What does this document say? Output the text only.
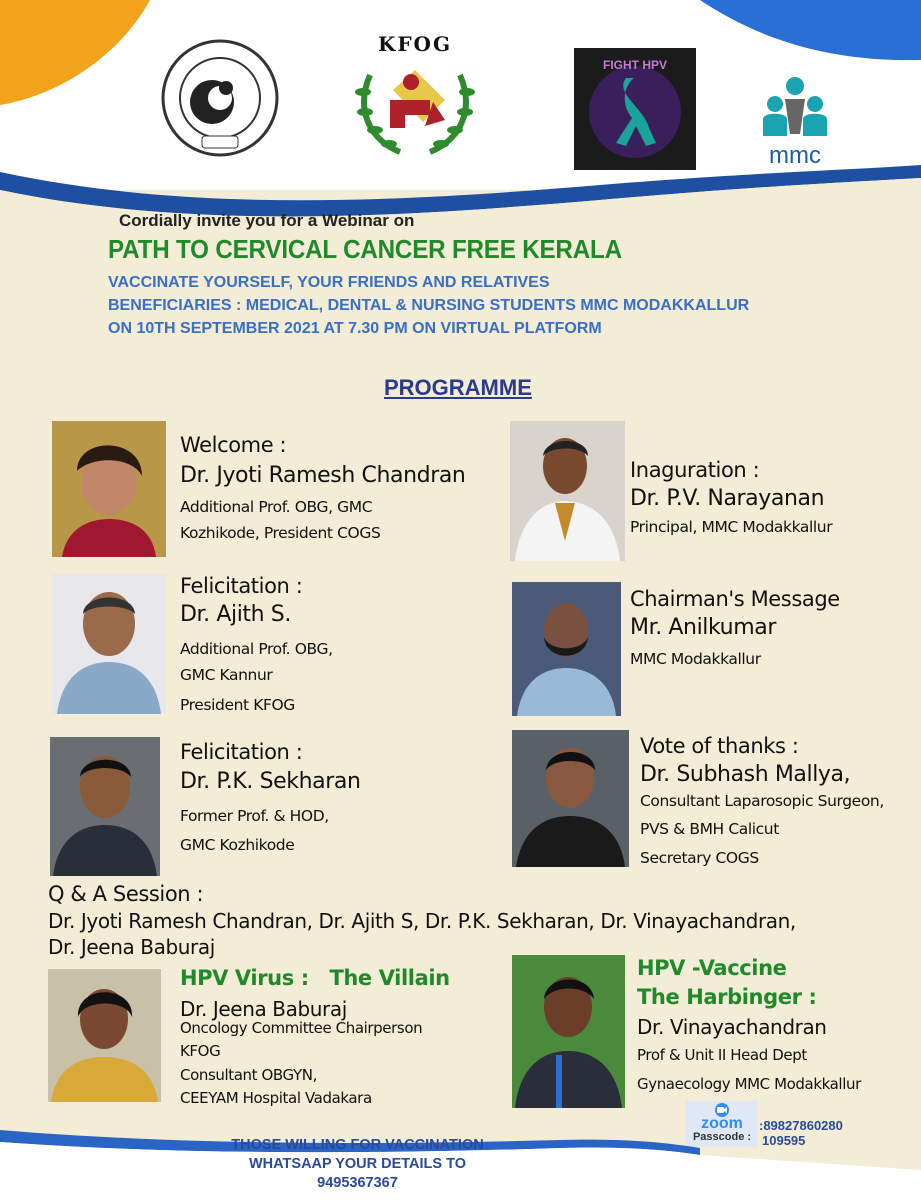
KFOG
FIGHT HPV
mmc
Cordially invite you for a Webinar on
PATH TO CERVICAL CANCER FREE KERALA
VACCINATE YOURSELF, YOUR FRIENDS AND RELATIVES
BENEFICIARIES : MEDICAL, DENTAL & NURSING STUDENTS MMC MODAKKALLUR
ON 10TH SEPTEMBER 2021 AT 7.30 PM ON VIRTUAL PLATFORM
PROGRAMME
Welcome :
Dr. Jyoti Ramesh Chandran
Additional Prof. OBG, GMC
Kozhikode, President COGS
Inaguration :
Dr. P.V. Narayanan
Principal, MMC Modakkallur
Felicitation :
Dr. Ajith S.
Additional Prof. OBG,
GMC Kannur
President KFOG
Chairman's Message
Mr. Anilkumar
MMC Modakkallur
Felicitation :
Dr. P.K. Sekharan
Former Prof. & HOD,
GMC Kozhikode
Vote of thanks :
Dr. Subhash Mallya,
Consultant Laparosopic Surgeon,
PVS & BMH Calicut
Secretary COGS
Q & A Session :
Dr. Jyoti Ramesh Chandran, Dr. Ajith S, Dr. P.K. Sekharan, Dr. Vinayachandran,
Dr. Jeena Baburaj
HPV Virus :   The Villain
Dr. Jeena Baburaj
Oncology Committee Chairperson
KFOG
Consultant OBGYN,
CEEYAM Hospital Vadakara
HPV -Vaccine
The Harbinger :
Dr. Vinayachandran
Prof & Unit II Head Dept
Gynaecology MMC Modakkallur
zoom
Passcode :
:89827860280
109595
THOSE WILLING FOR VACCINATION
WHATSAAP YOUR DETAILS TO
9495367367
